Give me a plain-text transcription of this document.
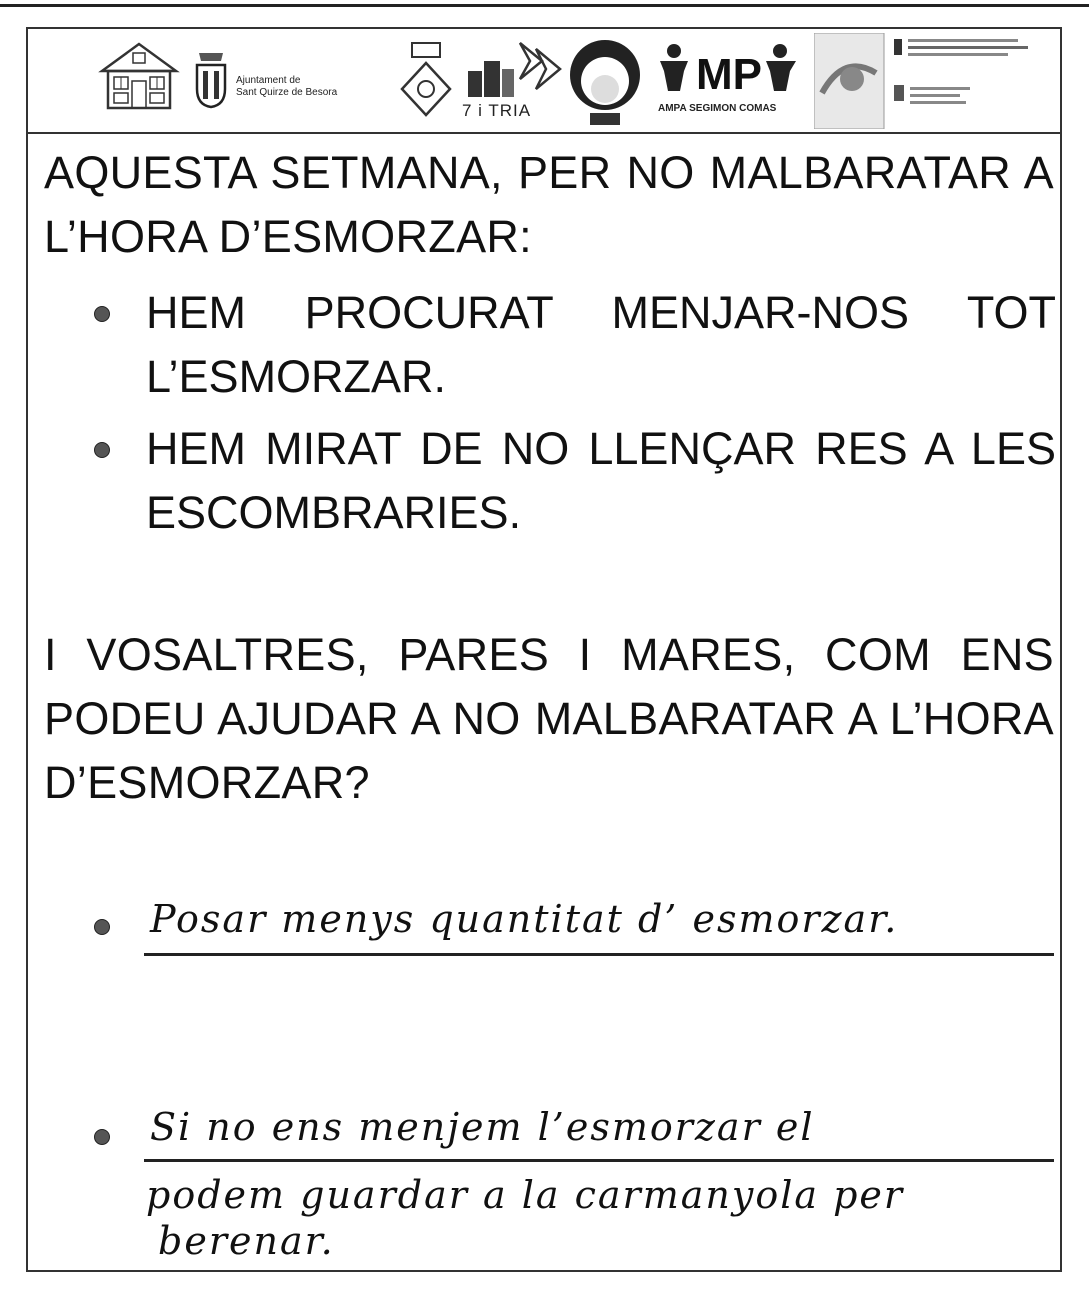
Ajuntament de
Sant Quirze de Besora
7 i TRIA
MP
AMPA SEGIMON COMAS
AQUESTA SETMANA, PER NO MALBARATAR A L’HORA D’ESMORZAR:
HEM PROCURAT MENJAR-NOS TOT L’ESMORZAR.
HEM MIRAT DE NO LLENÇAR RES A LES ESCOMBRARIES.
I VOSALTRES, PARES I MARES, COM ENS PODEU AJUDAR A NO MALBARATAR A L’HORA D’ESMORZAR?
Posar menys quantitat d’ esmorzar.
Si no ens menjem l’esmorzar el
podem guardar a la carmanyola per
berenar.
